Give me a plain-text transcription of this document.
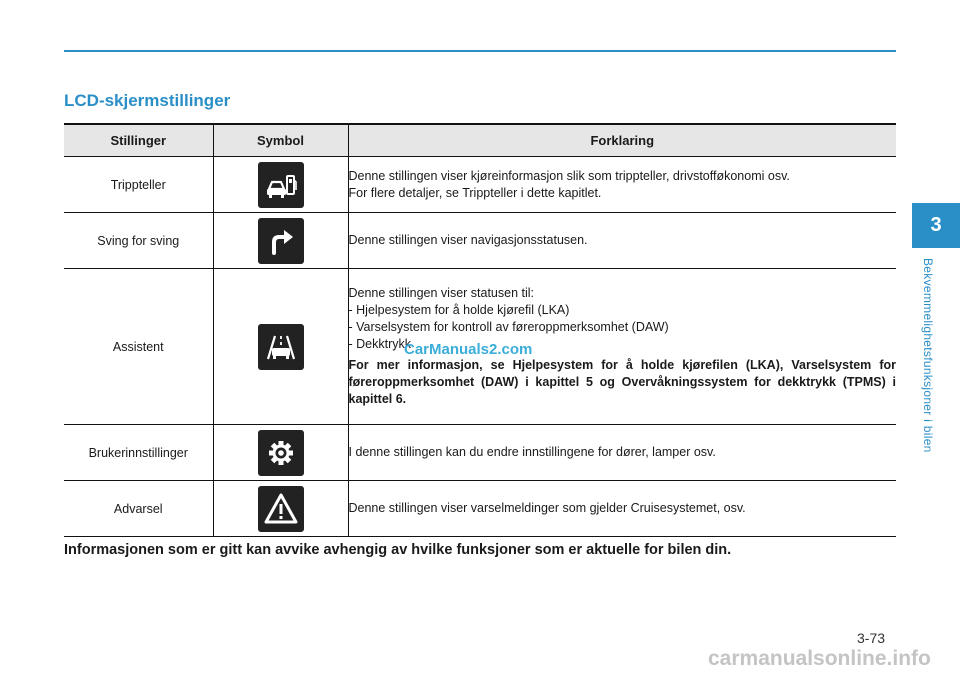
LCD-skjermstillinger
3
Bekvemmelighetsfunksjoner i bilen
Stillinger	Symbol	Forklaring
Trippteller		Denne stillingen viser kjøreinformasjon slik som trippteller, drivstofføkonomi osv.
For flere detaljer, se Trippteller i dette kapitlet.

Sving for sving		Denne stillingen viser navigasjonsstatusen.

Assistent		Denne stillingen viser statusen til:
- Hjelpesystem for å holde kjørefil (LKA)
- Varselsystem for kontroll av føreroppmerksomhet (DAW)
- Dekktrykk
For mer informasjon, se Hjelpesystem for å holde kjørefilen (LKA), Varselsystem for føreroppmerksomhet (DAW) i kapittel 5 og Overvåkningssystem for dekktrykk (TPMS) i kapittel 6.

Brukerinnstillinger		I denne stillingen kan du endre innstillingene for dører, lamper osv.

Advarsel		Denne stillingen viser varselmeldinger som gjelder Cruisesystemet, osv.
CarManuals2.com

Informasjonen som er gitt kan avvike avhengig av hvilke funksjoner som er aktuelle for bilen din.

3-73
carmanualsonline.info
